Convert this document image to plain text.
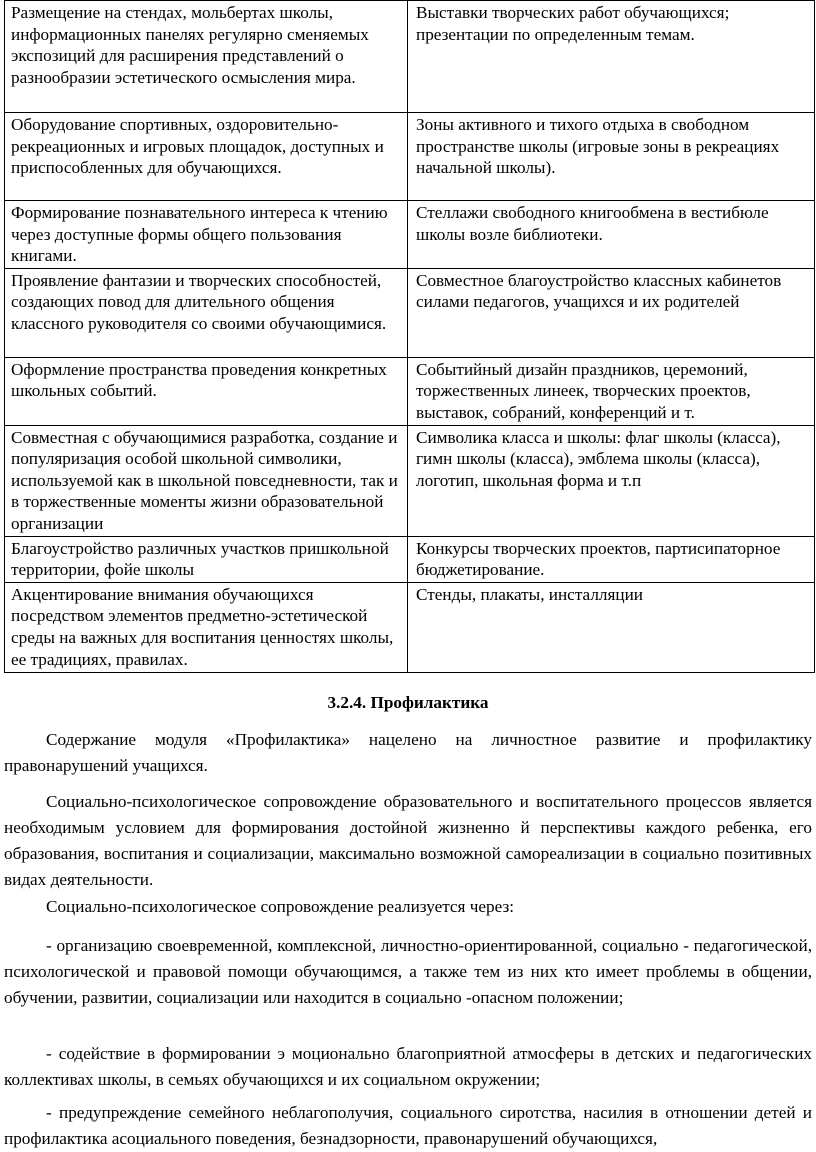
Размещение на стендах, мольбертах школы, информационных панелях регулярно сменяемых экспозиций для расширения представлений о разнообразии эстетического осмысления мира.	Выставки творческих работ обучающихся; презентации по определенным темам.
Оборудование спортивных, оздоровительно-рекреационных и игровых площадок, доступных и приспособленных для обучающихся.	Зоны активного и тихого отдыха в свободном пространстве школы (игровые зоны в рекреациях начальной школы).
Формирование познавательного интереса к чтению через доступные формы общего пользования книгами.	Стеллажи свободного книгообмена в вестибюле школы возле библиотеки.
Проявление фантазии и творческих способностей, создающих повод для длительного общения классного руководителя со своими обучающимися.	Совместное благоустройство классных кабинетов силами педагогов, учащихся и их родителей
Оформление пространства проведения конкретных школьных событий.	Событийный дизайн праздников, церемоний, торжественных линеек, творческих проектов, выставок, собраний, конференций и т.
Совместная с обучающимися разработка, создание и популяризация особой школьной символики, используемой как в школьной повседневности, так и в торжественные моменты жизни образовательной организации	Символика класса и школы: флаг школы (класса), гимн школы (класса), эмблема школы (класса), логотип, школьная форма и т.п
Благоустройство различных участков пришкольной территории, фойе школы	Конкурсы творческих проектов, партисипаторное бюджетирование.
Акцентирование внимания обучающихся посредством элементов предметно-эстетической среды на важных для воспитания ценностях школы, ее традициях, правилах.	Стенды, плакаты, инсталляции
3.2.4. Профилактика
Содержание модуля «Профилактика» нацелено на личностное развитие и профилактику правонарушений учащихся.
Социально-психологическое сопровождение образовательного и воспитательного процессов является необходимым условием для формирования достойной жизненно й перспективы каждого ребенка, его образования, воспитания и социализации, максимально возможной самореализации в социально позитивных видах деятельности.
Социально-психологическое сопровождение реализуется через:
- организацию своевременной, комплексной, личностно-ориентированной, социально - педагогической, психологической и правовой помощи обучающимся, а также тем из них кто имеет проблемы в общении, обучении, развитии, социализации или находится в социально -опасном положении;
- содействие в формировании э моционально благоприятной атмосферы в детских и педагогических коллективах школы, в семьях обучающихся и их социальном окружении;
- предупреждение семейного неблагополучия, социального сиротства, насилия в отношении детей и профилактика асоциального поведения, безнадзорности, правонарушений обучающихся,
